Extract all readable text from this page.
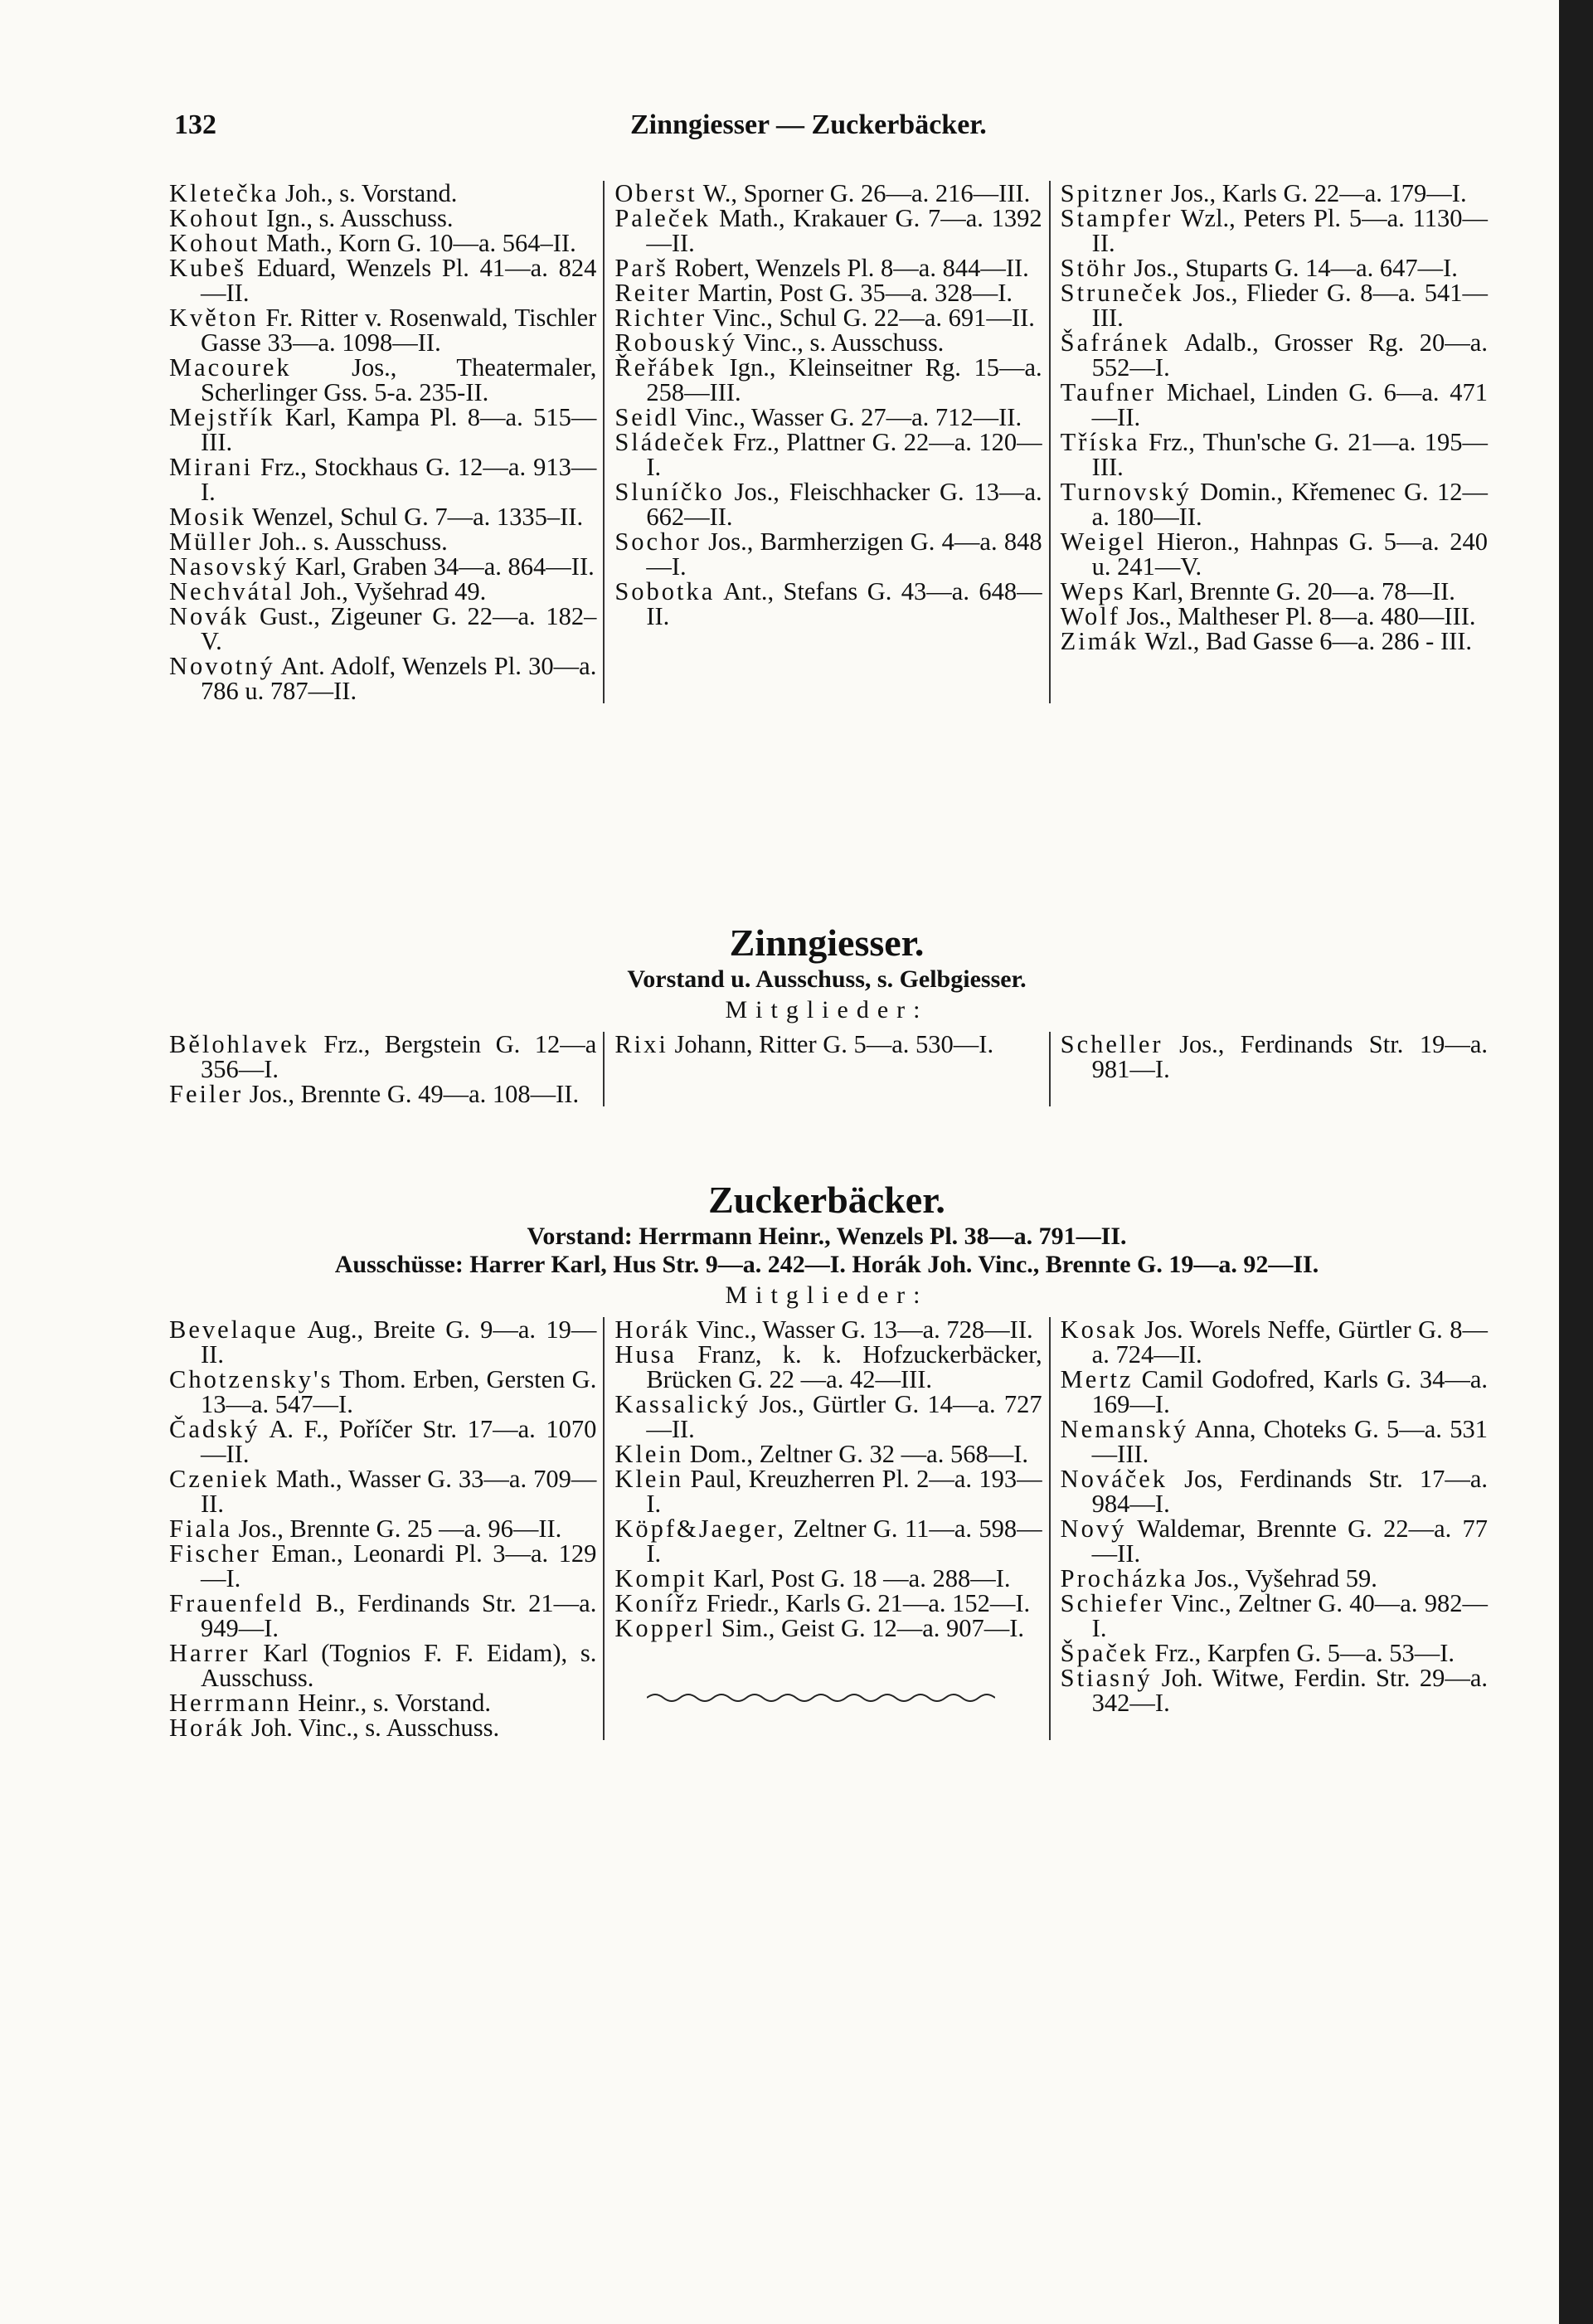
132	Zinngiesser — Zuckerbäcker.

Kletečka Joh., s. Vorstand.

Kohout Ign., s. Ausschuss.

Kohout Math., Korn G. 10—a. 564–II.

Kubeš Eduard, Wenzels Pl. 41—a. 824—II.

Květon Fr. Ritter v. Rosenwald, Tischler Gasse 33—a. 1098—II.

Macourek Jos., Theatermaler, Scherlinger Gss. 5-a. 235-II.

Mejstřík Karl, Kampa Pl. 8—a. 515—III.

Mirani Frz., Stockhaus G. 12—a. 913—I.

Mosik Wenzel, Schul G. 7—a. 1335–II.

Müller Joh.. s. Ausschuss.

Nasovský Karl, Graben 34—a. 864—II.

Nechvátal Joh., Vyšehrad 49.

Novák Gust., Zigeuner G. 22—a. 182–V.

Novotný Ant. Adolf, Wenzels Pl. 30—a. 786 u. 787—II.

Oberst W., Sporner G. 26—a. 216—III.

Paleček Math., Krakauer G. 7—a. 1392—II.

Parš Robert, Wenzels Pl. 8—a. 844—II.

Reiter Martin, Post G. 35—a. 328—I.

Richter Vinc., Schul G. 22—a. 691—II.

Robouský Vinc., s. Ausschuss.

Řeřábek Ign., Kleinseitner Rg. 15—a. 258—III.

Seidl Vinc., Wasser G. 27—a. 712—II.

Sládeček Frz., Plattner G. 22—a. 120—I.

Sluníčko Jos., Fleischhacker G. 13—a. 662—II.

Sochor Jos., Barmherzigen G. 4—a. 848—I.

Sobotka Ant., Stefans G. 43—a. 648—II.

Spitzner Jos., Karls G. 22—a. 179—I.

Stampfer Wzl., Peters Pl. 5—a. 1130—II.

Stöhr Jos., Stuparts G. 14—a. 647—I.

Struneček Jos., Flieder G. 8—a. 541—III.

Šafránek Adalb., Grosser Rg. 20—a. 552—I.

Taufner Michael, Linden G. 6—a. 471—II.

Tříska Frz., Thun'sche G. 21—a. 195—III.

Turnovský Domin., Křemenec G. 12—a. 180—II.

Weigel Hieron., Hahnpas G. 5—a. 240 u. 241—V.

Weps Karl, Brennte G. 20—a. 78—II.

Wolf Jos., Maltheser Pl. 8—a. 480—III.

Zimák Wzl., Bad Gasse 6—a. 286 - III.

Zinngiesser.
Vorstand u. Ausschuss, s. Gelbgiesser.
Mitglieder:

Bělohlavek Frz., Bergstein G. 12—a 356—I.

Feiler Jos., Brennte G. 49—a. 108—II.

Rixi Johann, Ritter G. 5—a. 530—I.	Scheller Jos., Ferdinands Str. 19—a. 981—I.

Zuckerbäcker.
Vorstand: Herrmann Heinr., Wenzels Pl. 38—a. 791—II.
Ausschüsse: Harrer Karl, Hus Str. 9—a. 242—I. Horák Joh. Vinc., Brennte G. 19—a. 92—II.
Mitglieder:

Bevelaque Aug., Breite G. 9—a. 19—II.

Chotzensky's Thom. Erben, Gersten G. 13—a. 547—I.

Čadský A. F., Poříčer Str. 17—a. 1070—II.

Czeniek Math., Wasser G. 33—a. 709—II.

Fiala Jos., Brennte G. 25 —a. 96—II.

Fischer Eman., Leonardi Pl. 3—a. 129—I.

Frauenfeld B., Ferdinands Str. 21—a. 949—I.

Harrer Karl (Tognios F. F. Eidam), s. Ausschuss.

Herrmann Heinr., s. Vorstand.

Horák Joh. Vinc., s. Ausschuss.

Horák Vinc., Wasser G. 13—a. 728—II.

Husa Franz, k. k. Hofzuckerbäcker, Brücken G. 22 —a. 42—III.

Kassalický Jos., Gürtler G. 14—a. 727—II.

Klein Dom., Zeltner G. 32 —a. 568—I.

Klein Paul, Kreuzherren Pl. 2—a. 193—I.

Köpf&Jaeger, Zeltner G. 11—a. 598—I.

Kompit Karl, Post G. 18 —a. 288—I.

Konířz Friedr., Karls G. 21—a. 152—I.

Kopperl Sim., Geist G. 12—a. 907—I.

Kosak Jos. Worels Neffe, Gürtler G. 8—a. 724—II.

Mertz Camil Godofred, Karls G. 34—a. 169—I.

Nemanský Anna, Choteks G. 5—a. 531—III.

Nováček Jos, Ferdinands Str. 17—a. 984—I.

Nový Waldemar, Brennte G. 22—a. 77—II.

Procházka Jos., Vyšehrad 59.

Schiefer Vinc., Zeltner G. 40—a. 982—I.

Špaček Frz., Karpfen G. 5—a. 53—I.

Stiasný Joh. Witwe, Ferdin. Str. 29—a. 342—I.
